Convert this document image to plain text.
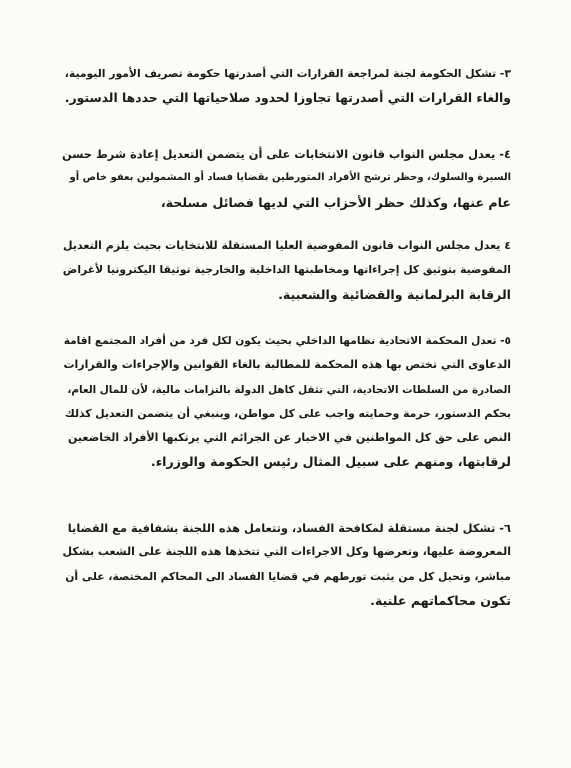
٣- تشكل الحكومة لجنة لمراجعة القرارات التي أصدرتها حكومة تصريف الأمور اليومية،
والغاء القرارات التي أصدرتها تجاوزا لحدود صلاحياتها التي حددها الدستور.

٤- يعدل مجلس النواب قانون الانتخابات على أن يتضمن التعديل إعادة شرط حسن
السيرة والسلوك، وحظر ترشح الأفراد المتورطين بقضايا فساد أو المشمولين بعفو خاص أو
عام عنها، وكذلك حظر الأحزاب التي لديها فصائل مسلحة،

٤ يعدل مجلس النواب قانون المفوضية العليا المستقلة للانتخابات بحيث يلزم التعديل
المفوضية بتوثيق كل إجراءاتها ومخاطبتها الداخلية والخارجية توثيقا اليكترونيا لأغراض
الرقابة البرلمانية والقضائية والشعبية.

٥- تعدل المحكمة الاتحادية نظامها الداخلي بحيث يكون لكل فرد من أفراد المجتمع اقامة
الدعاوى التي تختص بها هذه المحكمة للمطالبة بالغاء القوانين والإجراءات والقرارات
الصادرة من السلطات الاتحادية، التي تثقل كاهل الدولة بالتزامات مالية، لأن للمال العام،
بحكم الدستور، حرمة وحمايته واجب على كل مواطن، وينبغي أن يتضمن التعديل كذلك
النص على حق كل المواطنين في الاخبار عن الجرائم التي يرتكبها الأفراد الخاضعين
لرقابتها، ومنهم على سبيل المثال رئيس الحكومة والوزراء.

٦- تشكل لجنة مستقلة لمكافحة الفساد، وتتعامل هذه اللجنة بشفافية مع القضايا
المعروضة عليها، وتعرضها وكل الاجراءات التي تتخذها هذه اللجنة على الشعب بشكل
مباشر، وتحيل كل من يثبت تورطهم في قضايا الفساد الى المحاكم المختصة، على أن
تكون محاكماتهم علنية.
